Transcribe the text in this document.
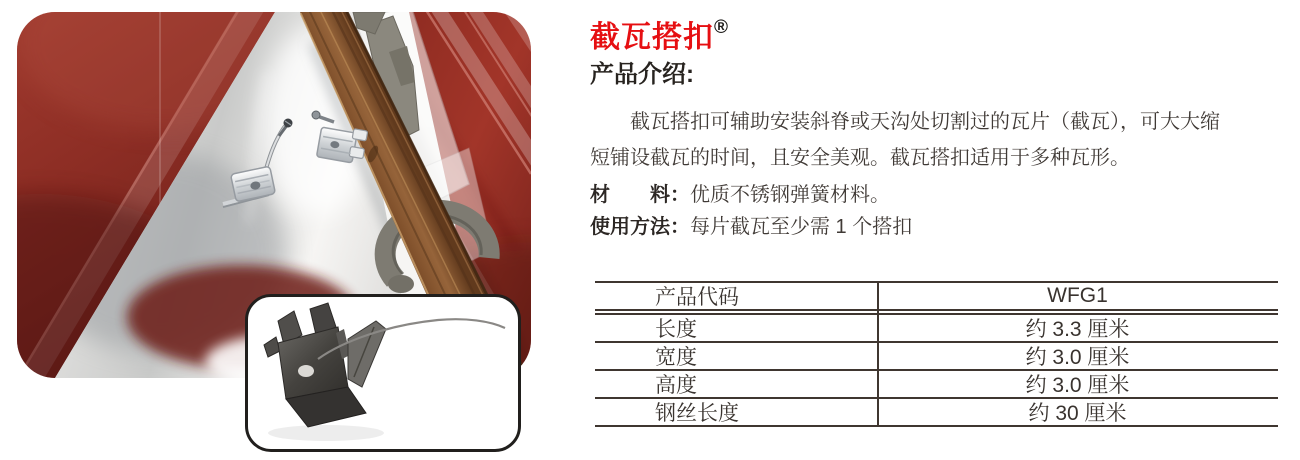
截瓦搭扣®
产品介绍:
截瓦搭扣可辅助安装斜脊或天沟处切割过的瓦片（截瓦），可大大缩
短铺设截瓦的时间，且安全美观。截瓦搭扣适用于多种瓦形。

材　　料：优质不锈钢弹簧材料。

使用方法：每片截瓦至少需 1 个搭扣

产品代码	WFG1
长度	约 3.3 厘米
宽度	约 3.0 厘米
高度	约 3.0 厘米
钢丝长度	约 30 厘米
